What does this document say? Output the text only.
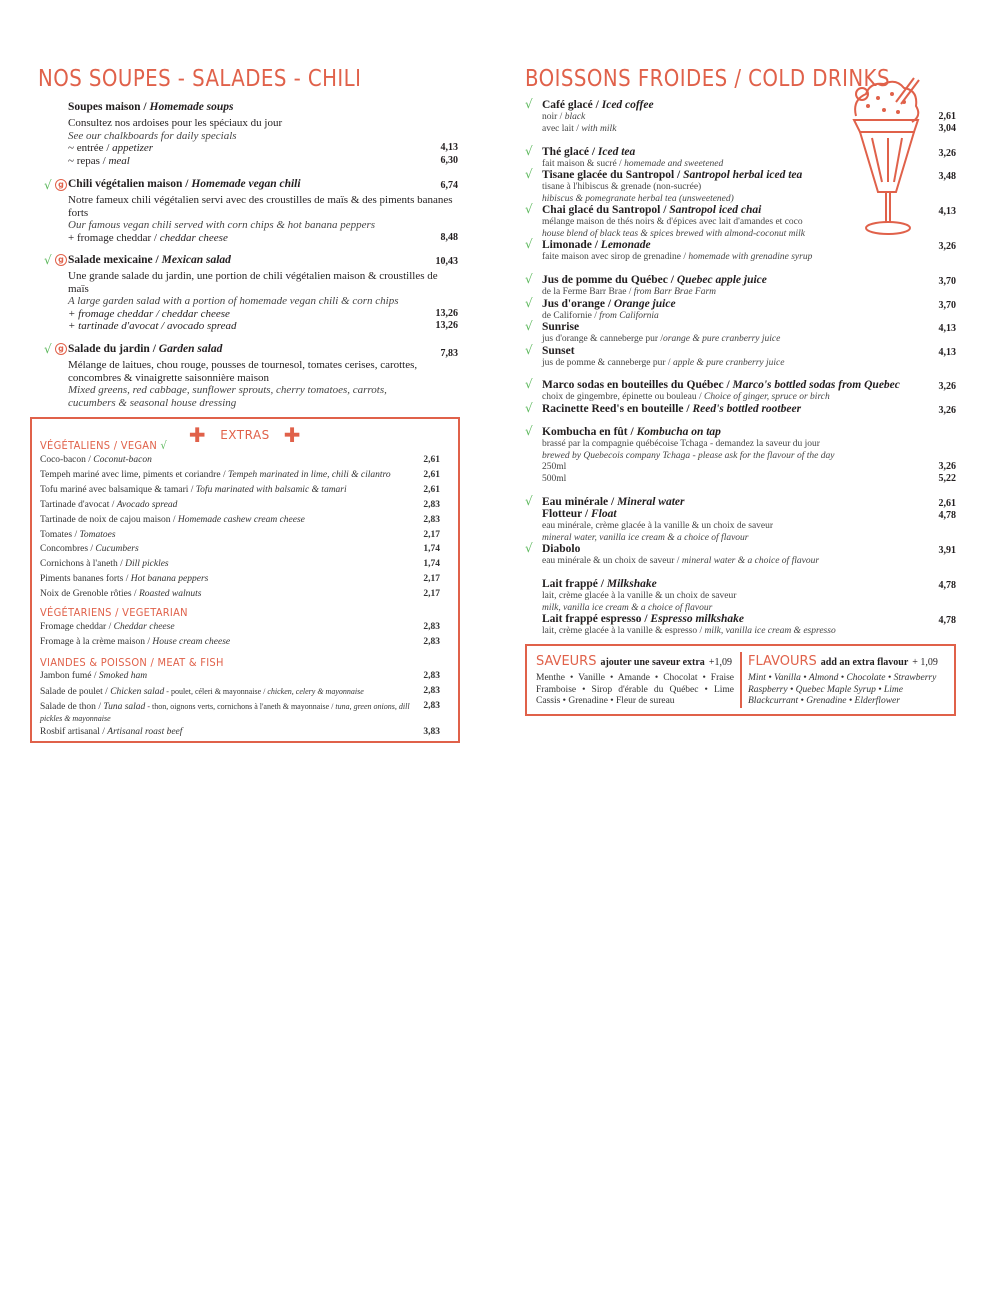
NOS SOUPES - SALADES - CHILI
Soupes maison / Homemade soups
Consultez nos ardoises pour les spéciaux du jour
See our chalkboards for daily specials
~ entrée / appetizer	4,13
~ repas / meal	6,30
√ g Chili végétalien maison / Homemade vegan chili	6,74
Notre fameux chili végétalien servi avec des croustilles de maïs & des piments bananes forts
Our famous vegan chili served with corn chips & hot banana peppers
+ fromage cheddar / cheddar cheese	8,48
√ g Salade mexicaine / Mexican salad	10,43
Une grande salade du jardin, une portion de chili végétalien maison & croustilles de maïs
A large garden salad with a portion of homemade vegan chili & corn chips
+ fromage cheddar / cheddar cheese	13,26
+ tartinade d'avocat / avocado spread	13,26
√ g Salade du jardin / Garden salad	7,83
Mélange de laitues, chou rouge, pousses de tournesol, tomates cerises, carottes, concombres & vinaigrette saisonnière maison
Mixed greens, red cabbage, sunflower sprouts, cherry tomatoes, carrots, cucumbers & seasonal house dressing
✚ EXTRAS ✚
VÉGÉTALIENS / VEGAN √
Coco-bacon / Coconut-bacon	2,61
Tempeh mariné avec lime, piments et coriandre / Tempeh marinated in lime, chili & cilantro	2,61
Tofu mariné avec balsamique & tamari / Tofu marinated with balsamic & tamari	2,61
Tartinade d'avocat / Avocado spread	2,83
Tartinade de noix de cajou maison / Homemade cashew cream cheese	2,83
Tomates / Tomatoes	2,17
Concombres / Cucumbers	1,74
Cornichons à l'aneth / Dill pickles	1,74
Piments bananes forts / Hot banana peppers	2,17
Noix de Grenoble rôties / Roasted walnuts	2,17
VÉGÉTARIENS / VEGETARIAN
Fromage cheddar / Cheddar cheese	2,83
Fromage à la crème maison / House cream cheese	2,83
VIANDES & POISSON / MEAT & FISH
Jambon fumé / Smoked ham	2,83
Salade de poulet / Chicken salad - poulet, céleri & mayonnaise / chicken, celery & mayonnaise	2,83
Salade de thon / Tuna salad - thon, oignons verts, cornichons à l'aneth & mayonnaise / tuna, green onions, dill pickles & mayonnaise
2,83
Rosbif artisanal / Artisanal roast beef	3,83
BOISSONS FROIDES / COLD DRINKS
√ Café glacé / Iced coffee
noir / black	2,61
avec lait / with milk	3,04
√ Thé glacé / Iced tea	3,26
fait maison & sucré / homemade and sweetened
√ Tisane glacée du Santropol / Santropol herbal iced tea	3,48
tisane à l'hibiscus & grenade (non-sucrée)
hibiscus & pomegranate herbal tea (unsweetened)
√ Chai glacé du Santropol / Santropol iced chai	4,13
mélange maison de thés noirs & d'épices avec lait d'amandes et coco
house blend of black teas & spices brewed with almond-coconut milk
√ Limonade / Lemonade	3,26
faite maison avec sirop de grenadine / homemade with grenadine syrup
√ Jus de pomme du Québec / Quebec apple juice	3,70
de la Ferme Barr Brae / from Barr Brae Farm
√ Jus d'orange / Orange juice	3,70
de Californie / from California
√ Sunrise	4,13
jus d'orange & canneberge pur /orange & pure cranberry juice
√ Sunset	4,13
jus de pomme & canneberge pur / apple & pure cranberry juice
√ Marco sodas en bouteilles du Québec / Marco's bottled sodas from Quebec	3,26
choix de gingembre, épinette ou bouleau / Choice of ginger, spruce or birch
√ Racinette Reed's en bouteille / Reed's bottled rootbeer	3,26
√ Kombucha en fût / Kombucha on tap
brassé par la compagnie québécoise Tchaga - demandez la saveur du jour
brewed by Quebecois company Tchaga - please ask for the flavour of the day
250ml	3,26
500ml	5,22
√ Eau minérale / Mineral water	2,61
Flotteur / Float	4,78
eau minérale, crème glacée à la vanille & un choix de saveur
mineral water, vanilla ice cream & a choice of flavour
√ Diabolo	3,91
eau minérale & un choix de saveur / mineral water & a choice of flavour
Lait frappé / Milkshake	4,78
lait, crème glacée à la vanille & un choix de saveur
milk, vanilla ice cream & a choice of flavour
Lait frappé espresso / Espresso milkshake	4,78
lait, crème glacée à la vanille & espresso / milk, vanilla ice cream & espresso
SAVEURS ajouter une saveur extra +1,09
Menthe • Vanille • Amande • Chocolat • Fraise Framboise • Sirop d'érable du Québec • Lime Cassis • Grenadine • Fleur de sureau
FLAVOURS add an extra flavour + 1,09
Mint • Vanilla • Almond • Chocolate • Strawberry Raspberry • Quebec Maple Syrup • Lime Blackcurrant • Grenadine • Elderflower
